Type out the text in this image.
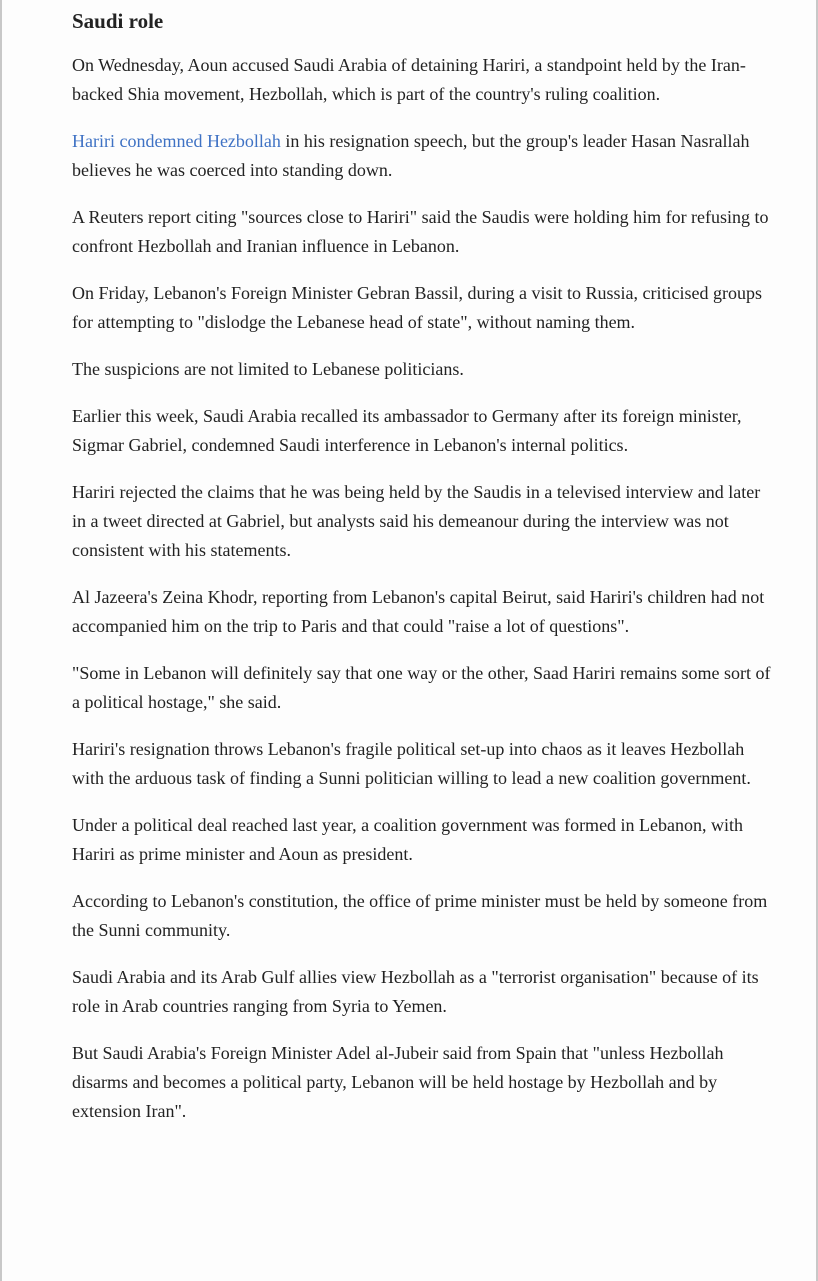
Saudi role

On Wednesday, Aoun accused Saudi Arabia of detaining Hariri, a standpoint held by the Iran-backed Shia movement, Hezbollah, which is part of the country's ruling coalition.

Hariri condemned Hezbollah in his resignation speech, but the group's leader Hasan Nasrallah believes he was coerced into standing down.

A Reuters report citing "sources close to Hariri" said the Saudis were holding him for refusing to confront Hezbollah and Iranian influence in Lebanon.

On Friday, Lebanon's Foreign Minister Gebran Bassil, during a visit to Russia, criticised groups for attempting to "dislodge the Lebanese head of state", without naming them.

The suspicions are not limited to Lebanese politicians.

Earlier this week, Saudi Arabia recalled its ambassador to Germany after its foreign minister, Sigmar Gabriel, condemned Saudi interference in Lebanon's internal politics.

Hariri rejected the claims that he was being held by the Saudis in a televised interview and later in a tweet directed at Gabriel, but analysts said his demeanour during the interview was not consistent with his statements.

Al Jazeera's Zeina Khodr, reporting from Lebanon's capital Beirut, said Hariri's children had not accompanied him on the trip to Paris and that could "raise a lot of questions".

"Some in Lebanon will definitely say that one way or the other, Saad Hariri remains some sort of a political hostage," she said.

Hariri's resignation throws Lebanon's fragile political set-up into chaos as it leaves Hezbollah with the arduous task of finding a Sunni politician willing to lead a new coalition government.

Under a political deal reached last year, a coalition government was formed in Lebanon, with Hariri as prime minister and Aoun as president.

According to Lebanon's constitution, the office of prime minister must be held by someone from the Sunni community.

Saudi Arabia and its Arab Gulf allies view Hezbollah as a "terrorist organisation" because of its role in Arab countries ranging from Syria to Yemen.

But Saudi Arabia's Foreign Minister Adel al-Jubeir said from Spain that "unless Hezbollah disarms and becomes a political party, Lebanon will be held hostage by Hezbollah and by extension Iran".
